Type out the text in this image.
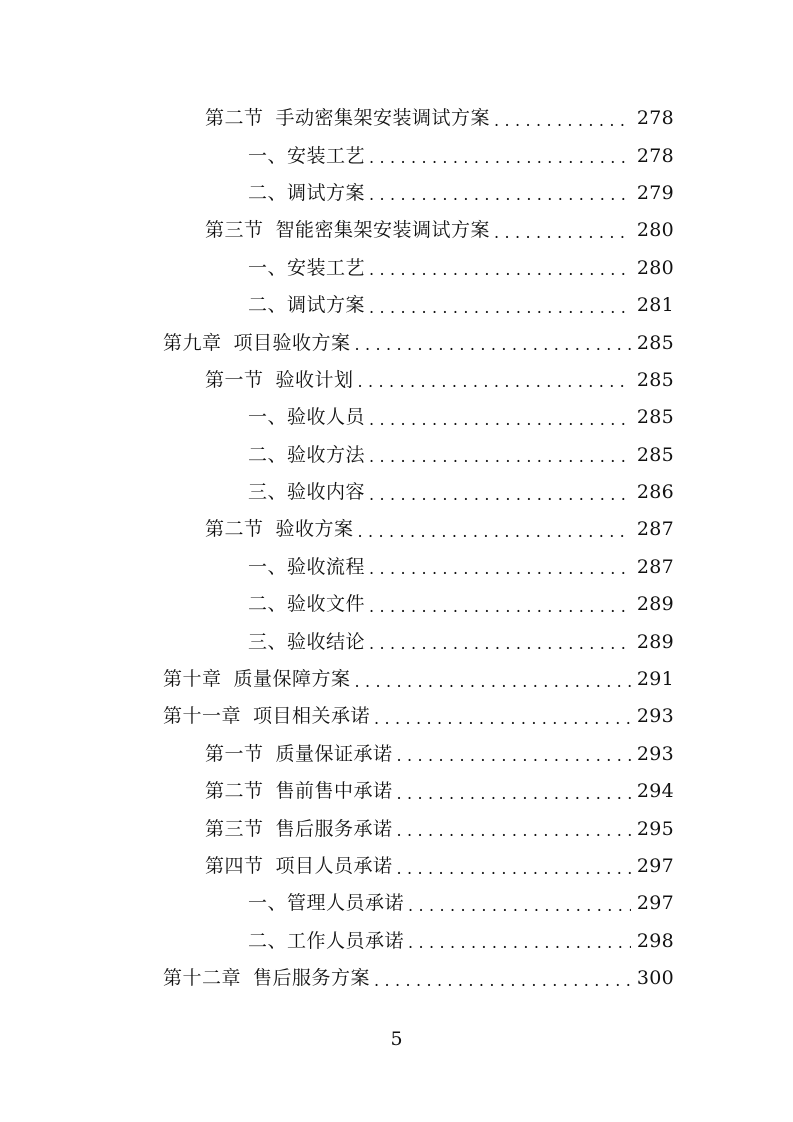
第二节 手动密集架安装调试方案 .....	278
一、安装工艺 .....	278
二、调试方案 .....	279
第三节 智能密集架安装调试方案 .....	280
一、安装工艺 .....	280
二、调试方案 .....	281
第九章 项目验收方案 .....	285
第一节 验收计划 .....	285
一、验收人员 .....	285
二、验收方法 .....	285
三、验收内容 .....	286
第二节 验收方案 .....	287
一、验收流程 .....	287
二、验收文件 .....	289
三、验收结论 .....	289
第十章 质量保障方案 .....	291
第十一章 项目相关承诺 .....	293
第一节 质量保证承诺 .....	293
第二节 售前售中承诺 .....	294
第三节 售后服务承诺 .....	295
第四节 项目人员承诺 .....	297
一、管理人员承诺 .....	297
二、工作人员承诺 .....	298
第十二章 售后服务方案 .....	300
5
